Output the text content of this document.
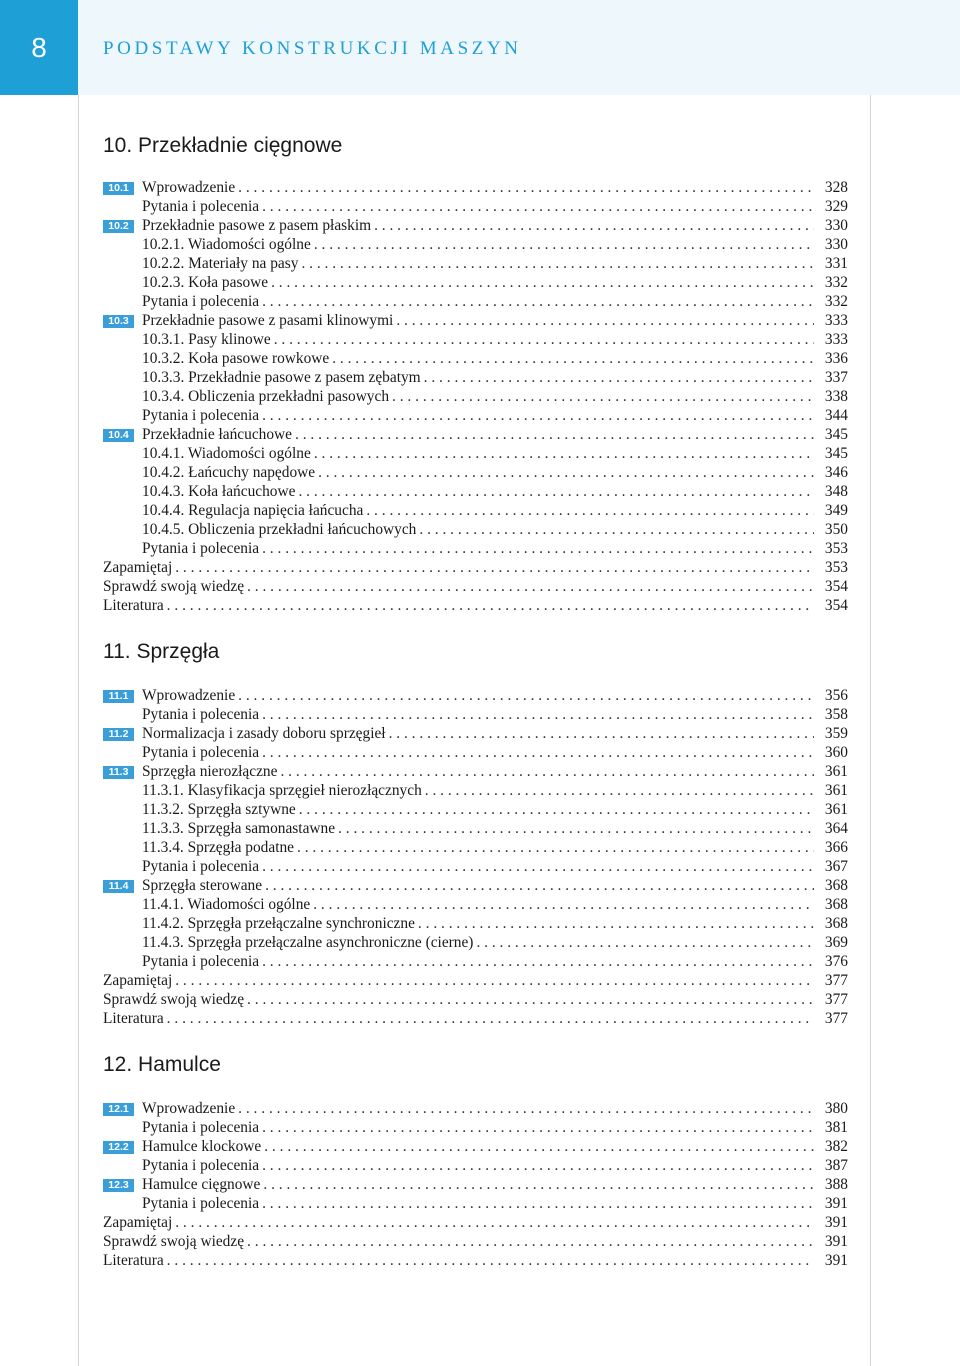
8	PODSTAWY KONSTRUKCJI MASZYN
10. Przekładnie cięgnowe
10.1 Wprowadzenie . . .	328
Pytania i polecenia . . .	329
10.2 Przekładnie pasowe z pasem płaskim . . .	330
10.2.1. Wiadomości ogólne . . .	330
10.2.2. Materiały na pasy . . .	331
10.2.3. Koła pasowe . . .	332
Pytania i polecenia . . .	332
10.3 Przekładnie pasowe z pasami klinowymi . . .	333
10.3.1. Pasy klinowe . . .	333
10.3.2. Koła pasowe rowkowe . . .	336
10.3.3. Przekładnie pasowe z pasem zębatym . . .	337
10.3.4. Obliczenia przekładni pasowych . . .	338
Pytania i polecenia . . .	344
10.4 Przekładnie łańcuchowe . . .	345
10.4.1. Wiadomości ogólne . . .	345
10.4.2. Łańcuchy napędowe . . .	346
10.4.3. Koła łańcuchowe . . .	348
10.4.4. Regulacja napięcia łańcucha . . .	349
10.4.5. Obliczenia przekładni łańcuchowych . . .	350
Pytania i polecenia . . .	353
Zapamiętaj . . .	353
Sprawdź swoją wiedzę . . .	354
Literatura . . .	354
11. Sprzęgła
11.1 Wprowadzenie . . .	356
Pytania i polecenia . . .	358
11.2 Normalizacja i zasady doboru sprzęgieł . . .	359
Pytania i polecenia . . .	360
11.3 Sprzęgła nierozłączne . . .	361
11.3.1. Klasyfikacja sprzęgieł nierozłącznych . . .	361
11.3.2. Sprzęgła sztywne . . .	361
11.3.3. Sprzęgła samonastawne . . .	364
11.3.4. Sprzęgła podatne . . .	366
Pytania i polecenia . . .	367
11.4 Sprzęgła sterowane . . .	368
11.4.1. Wiadomości ogólne . . .	368
11.4.2. Sprzęgła przełączalne synchroniczne . . .	368
11.4.3. Sprzęgła przełączalne asynchroniczne (cierne) . . .	369
Pytania i polecenia . . .	376
Zapamiętaj . . .	377
Sprawdź swoją wiedzę . . .	377
Literatura . . .	377
12. Hamulce
12.1 Wprowadzenie . . .	380
Pytania i polecenia . . .	381
12.2 Hamulce klockowe . . .	382
Pytania i polecenia . . .	387
12.3 Hamulce cięgnowe . . .	388
Pytania i polecenia . . .	391
Zapamiętaj . . .	391
Sprawdź swoją wiedzę . . .	391
Literatura . . .	391
